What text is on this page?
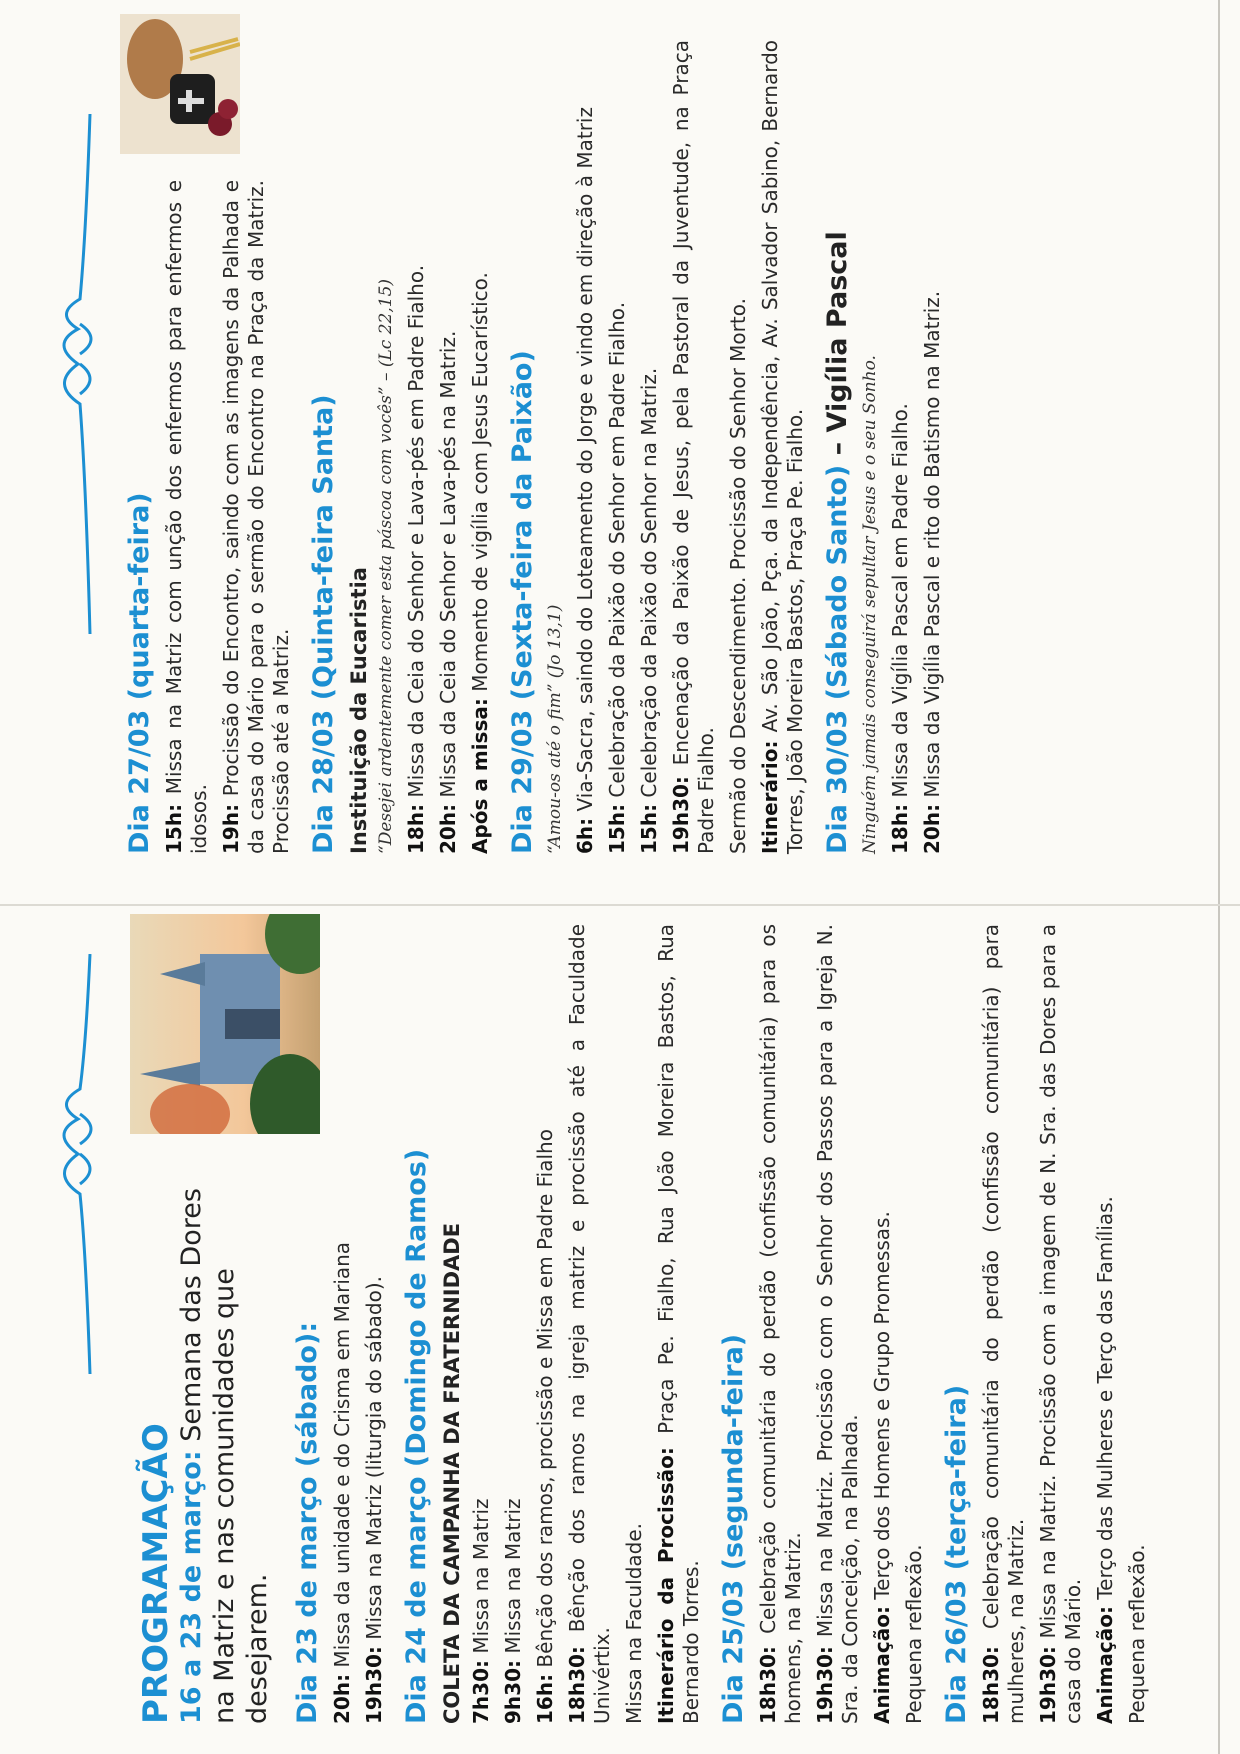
PROGRAMAÇÃO
16 a 23 de março: Semana das Dores na Matriz e nas comunidades que desejarem. Dia 23 de março (sábado): 20h: Missa da unidade e do Crisma em Mariana

19h30: Missa na Matriz (liturgia do sábado). Dia 24 de março (Domingo de Ramos) COLETA DA CAMPANHA DA FRATERNIDADE 7h30: Missa na Matriz

9h30: Missa na Matriz

16h: Bênção dos ramos, procissão e Missa em Padre Fialho

18h30: Bênção dos ramos na igreja matriz e procissão até a Faculdade Univértix. Missa na Faculdade. Itinerário da Procissão: Praça Pe. Fialho, Rua João Moreira Bastos, Rua Bernardo Torres. Dia 25/03 (segunda-feira) 18h30: Celebração comunitária do perdão (confissão comunitária) para os homens, na Matriz. 19h30: Missa na Matriz. Procissão com o Senhor dos Passos para a Igreja N. Sra. da Conceição, na Palhada. Animação: Terço dos Homens e Grupo Promessas.

Pequena reflexão. Dia 26/03 (terça-feira) 18h30: Celebração comunitária do perdão (confissão comunitária) para mulheres, na Matriz. 19h30: Missa na Matriz. Procissão com a imagem de N. Sra. das Dores para a casa do Mário. Animação: Terço das Mulheres e Terço das Famílias.

Pequena reflexão.

Dia 27/03 (quarta-feira) 15h: Missa na Matriz com unção dos enfermos para enfermos e idosos. 19h: Procissão do Encontro, saindo com as imagens da Palhada e da casa do Mário para o sermão do Encontro na Praça da Matriz. Procissão até a Matriz. Dia 28/03 (Quinta-feira Santa) Instituição da Eucaristia “Desejei ardentemente comer esta páscoa com vocês” – (Lc 22,15) 18h: Missa da Ceia do Senhor e Lava-pés em Padre Fialho.

20h: Missa da Ceia do Senhor e Lava-pés na Matriz. Após a missa: Momento de vigília com Jesus Eucarístico. Dia 29/03 (Sexta-feira da Paixão) “Amou-os até o fim” (Jo 13,1) 6h: Via-Sacra, saindo do Loteamento do Jorge e vindo em direção à Matriz

15h: Celebração da Paixão do Senhor em Padre Fialho.

15h: Celebração da Paixão do Senhor na Matriz.

19h30: Encenação da Paixão de Jesus, pela Pastoral da Juventude, na Praça Padre Fialho. Sermão do Descendimento. Procissão do Senhor Morto. Itinerário: Av. São João, Pça. da Independência, Av. Salvador Sabino, Bernardo Torres, João Moreira Bastos, Praça Pe. Fialho. Dia 30/03 (Sábado Santo) – Vigília Pascal
Ninguém jamais conseguirá sepultar Jesus e o seu Sonho. 18h: Missa da Vigília Pascal em Padre Fialho.

20h: Missa da Vigília Pascal e rito do Batismo na Matriz.
